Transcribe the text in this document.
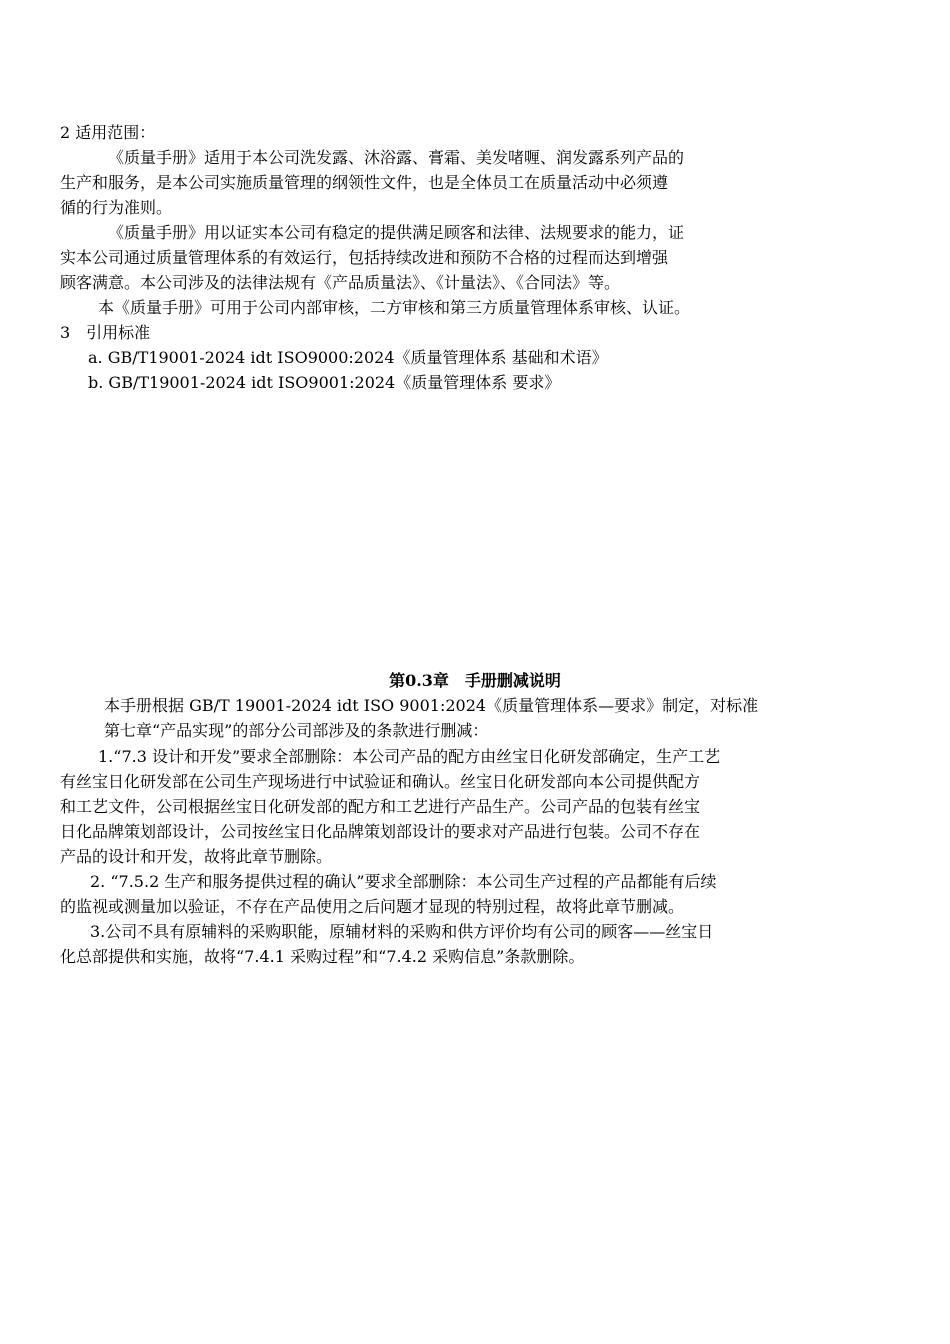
2 适用范围：
《质量手册》适用于本公司洗发露、沐浴露、膏霜、美发啫喱、润发露系列产品的
生产和服务，是本公司实施质量管理的纲领性文件，也是全体员工在质量活动中必须遵
循的行为准则。
《质量手册》用以证实本公司有稳定的提供满足顾客和法律、法规要求的能力，证
实本公司通过质量管理体系的有效运行，包括持续改进和预防不合格的过程而达到增强
顾客满意。本公司涉及的法律法规有《产品质量法》、《计量法》、《合同法》等。
本《质量手册》可用于公司内部审核，二方审核和第三方质量管理体系审核、认证。
3　引用标准
a. GB/T19001-2024 idt ISO9000:2024《质量管理体系 基础和术语》
b. GB/T19001-2024 idt ISO9001:2024《质量管理体系 要求》
第0.3章　手册删减说明
本手册根据 GB/T 19001-2024 idt ISO 9001:2024《质量管理体系—要求》制定，对标准
第七章“产品实现”的部分公司部涉及的条款进行删减：
1.“7.3 设计和开发”要求全部删除：本公司产品的配方由丝宝日化研发部确定，生产工艺
有丝宝日化研发部在公司生产现场进行中试验证和确认。丝宝日化研发部向本公司提供配方
和工艺文件，公司根据丝宝日化研发部的配方和工艺进行产品生产。公司产品的包装有丝宝
日化品牌策划部设计，公司按丝宝日化品牌策划部设计的要求对产品进行包装。公司不存在
产品的设计和开发，故将此章节删除。
2. “7.5.2 生产和服务提供过程的确认”要求全部删除：本公司生产过程的产品都能有后续
的监视或测量加以验证，不存在产品使用之后问题才显现的特别过程，故将此章节删减。
3.公司不具有原辅料的采购职能，原辅材料的采购和供方评价均有公司的顾客——丝宝日
化总部提供和实施，故将“7.4.1 采购过程”和“7.4.2 采购信息”条款删除。
